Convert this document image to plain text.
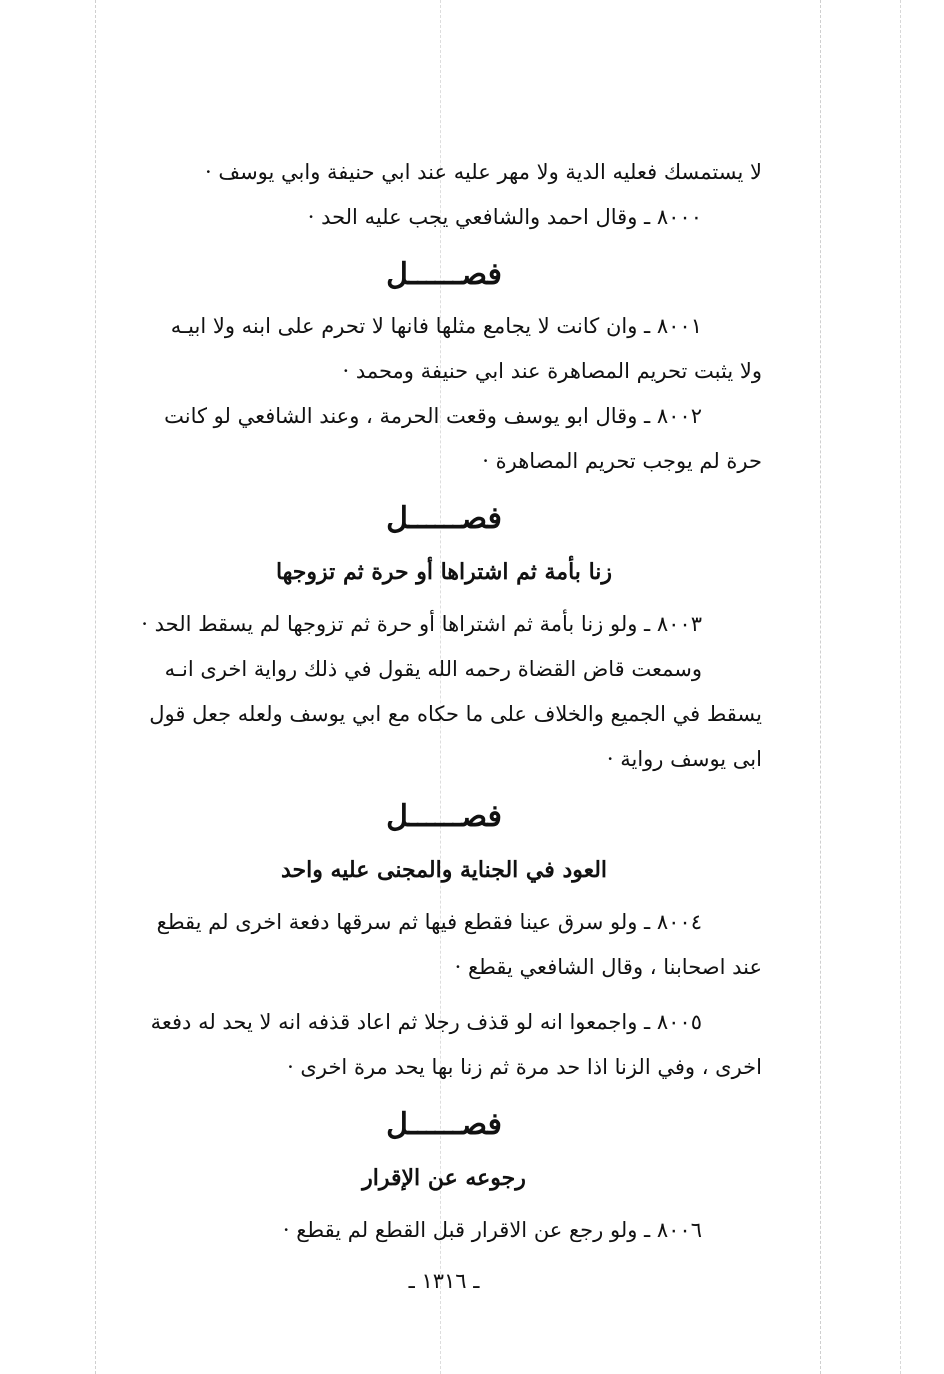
لا يستمسك فعليه الدية ولا مهر عليه عند ابي حنيفة وابي يوسف ·
٨٠٠٠ ـ وقال احمد والشافعي يجب عليه الحد ·

فصــــــل

٨٠٠١ ـ وان كانت لا يجامع مثلها فانها لا تحرم على ابنه ولا ابيـه
ولا يثبت تحريم المصاهرة عند ابي حنيفة ومحمد ·

٨٠٠٢ ـ وقال ابو يوسف وقعت الحرمة ، وعند الشافعي لو كانت
حرة لم يوجب تحريم المصاهرة ·

فصــــــل
زنا بأمة ثم اشتراها أو حرة ثم تزوجها

٨٠٠٣ ـ ولو زنا بأمة ثم اشتراها أو حرة ثم تزوجها لم يسقط الحد ·
وسمعت قاض القضاة رحمه الله يقول في ذلك رواية اخرى انـه
يسقط في الجميع والخلاف على ما حكاه مع ابي يوسف ولعله جعل قول
ابى يوسف رواية ·

فصــــــل
العود في الجناية والمجنى عليه واحد

٨٠٠٤ ـ ولو سرق عينا فقطع فيها ثم سرقها دفعة اخرى لم يقطع
عند اصحابنا ، وقال الشافعي يقطع ·

٨٠٠٥ ـ واجمعوا انه لو قذف رجلا ثم اعاد قذفه انه لا يحد له دفعة
اخرى ، وفي الزنا اذا حد مرة ثم زنا بها يحد مرة اخرى ·

فصــــــل
رجوعه عن الإقرار

٨٠٠٦ ـ ولو رجع عن الاقرار قبل القطع لم يقطع ·

ـ ١٣١٦ ـ
